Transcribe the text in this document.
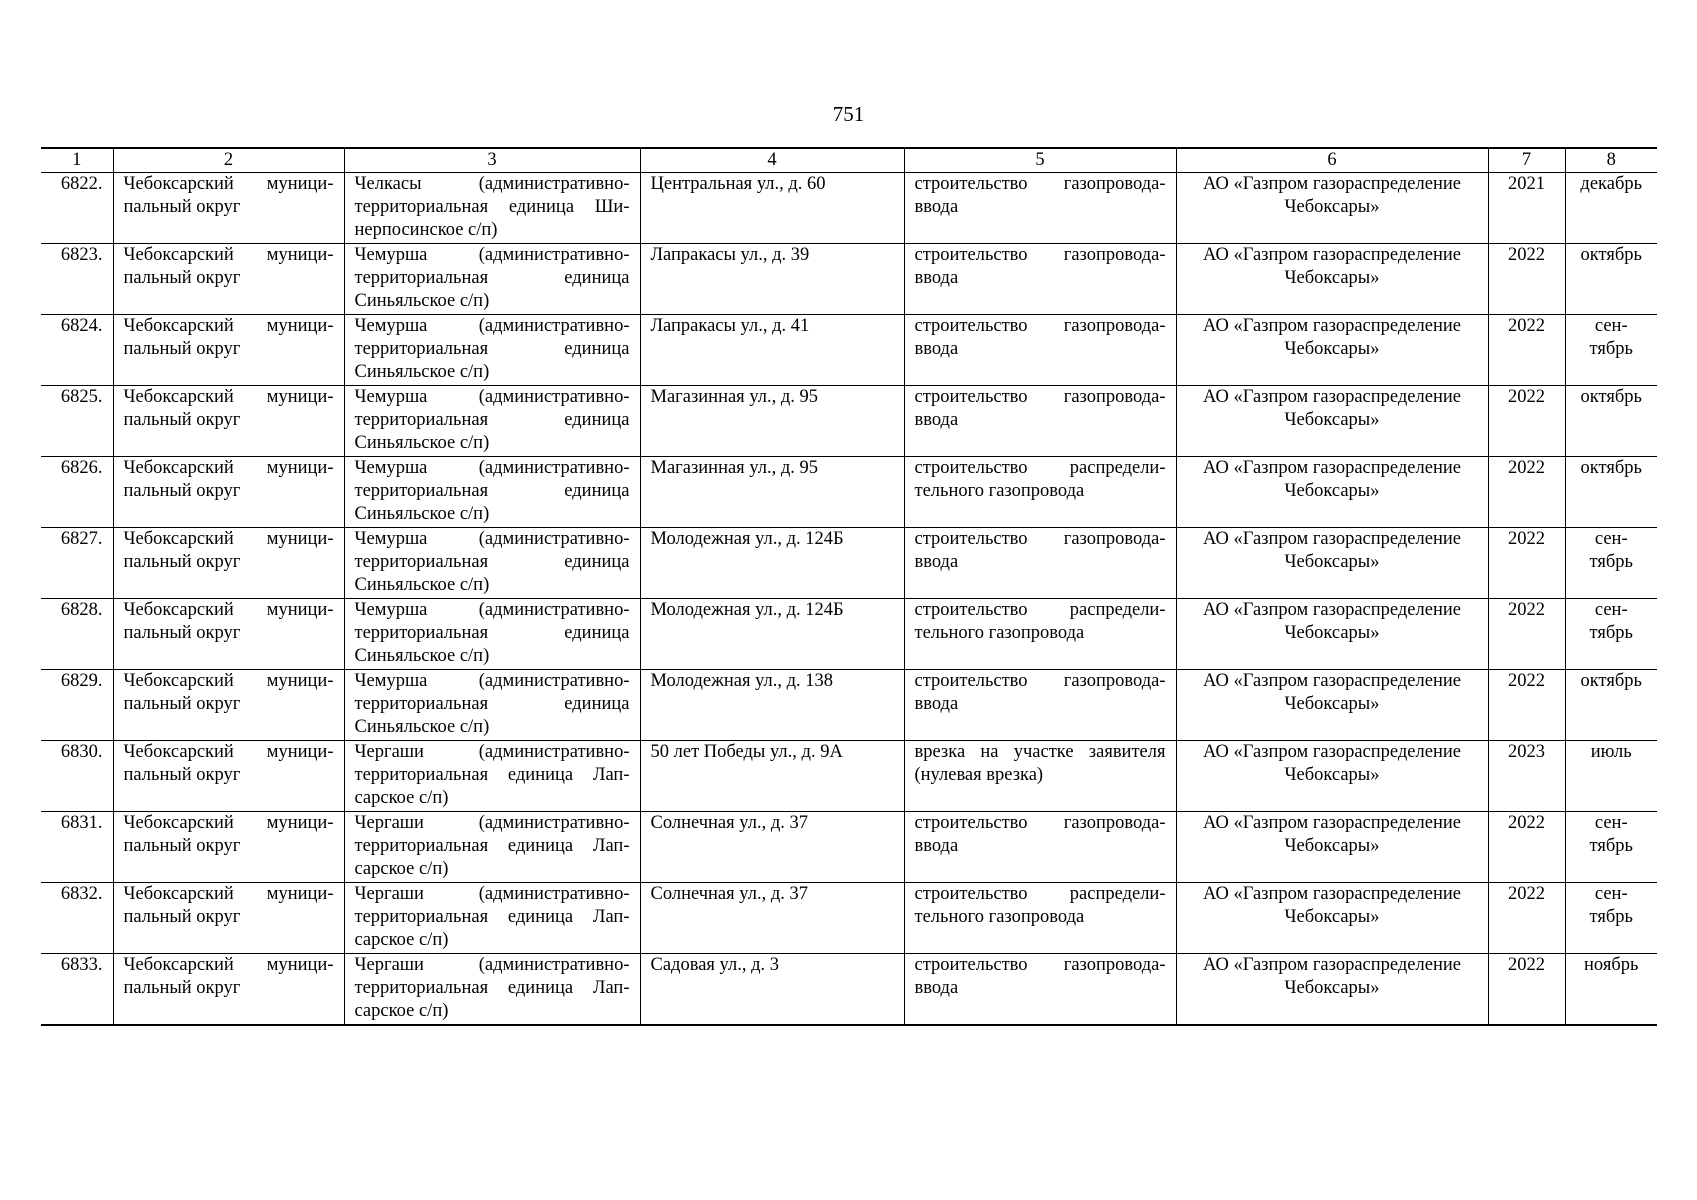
751
1	2	3	4	5	6	7	8
6822.	Чебоксарский муници-пальный округ	Челкасы (административно-территориальная единица Ши-нерпосинское с/п)	Центральная ул., д. 60	строительство газопровода-ввода	АО «Газпром газораспределение Чебоксары»	2021	декабрь
6823.	Чебоксарский муници-пальный округ	Чемурша (административно-территориальная единица Синьяльское с/п)	Лапракасы ул., д. 39	строительство газопровода-ввода	АО «Газпром газораспределение Чебоксары»	2022	октябрь
6824.	Чебоксарский муници-пальный округ	Чемурша (административно-территориальная единица Синьяльское с/п)	Лапракасы ул., д. 41	строительство газопровода-ввода	АО «Газпром газораспределение Чебоксары»	2022	сен-тябрь
6825.	Чебоксарский муници-пальный округ	Чемурша (административно-территориальная единица Синьяльское с/п)	Магазинная ул., д. 95	строительство газопровода-ввода	АО «Газпром газораспределение Чебоксары»	2022	октябрь
6826.	Чебоксарский муници-пальный округ	Чемурша (административно-территориальная единица Синьяльское с/п)	Магазинная ул., д. 95	строительство распредели-тельного газопровода	АО «Газпром газораспределение Чебоксары»	2022	октябрь
6827.	Чебоксарский муници-пальный округ	Чемурша (административно-территориальная единица Синьяльское с/п)	Молодежная ул., д. 124Б	строительство газопровода-ввода	АО «Газпром газораспределение Чебоксары»	2022	сен-тябрь
6828.	Чебоксарский муници-пальный округ	Чемурша (административно-территориальная единица Синьяльское с/п)	Молодежная ул., д. 124Б	строительство распредели-тельного газопровода	АО «Газпром газораспределение Чебоксары»	2022	сен-тябрь
6829.	Чебоксарский муници-пальный округ	Чемурша (административно-территориальная единица Синьяльское с/п)	Молодежная ул., д. 138	строительство газопровода-ввода	АО «Газпром газораспределение Чебоксары»	2022	октябрь
6830.	Чебоксарский муници-пальный округ	Чергаши (административно-территориальная единица Лап-сарское с/п)	50 лет Победы ул., д. 9А	врезка на участке заявителя (нулевая врезка)	АО «Газпром газораспределение Чебоксары»	2023	июль
6831.	Чебоксарский муници-пальный округ	Чергаши (административно-территориальная единица Лап-сарское с/п)	Солнечная ул., д. 37	строительство газопровода-ввода	АО «Газпром газораспределение Чебоксары»	2022	сен-тябрь
6832.	Чебоксарский муници-пальный округ	Чергаши (административно-территориальная единица Лап-сарское с/п)	Солнечная ул., д. 37	строительство распредели-тельного газопровода	АО «Газпром газораспределение Чебоксары»	2022	сен-тябрь
6833.	Чебоксарский муници-пальный округ	Чергаши (административно-территориальная единица Лап-сарское с/п)	Садовая ул., д. 3	строительство газопровода-ввода	АО «Газпром газораспределение Чебоксары»	2022	ноябрь
